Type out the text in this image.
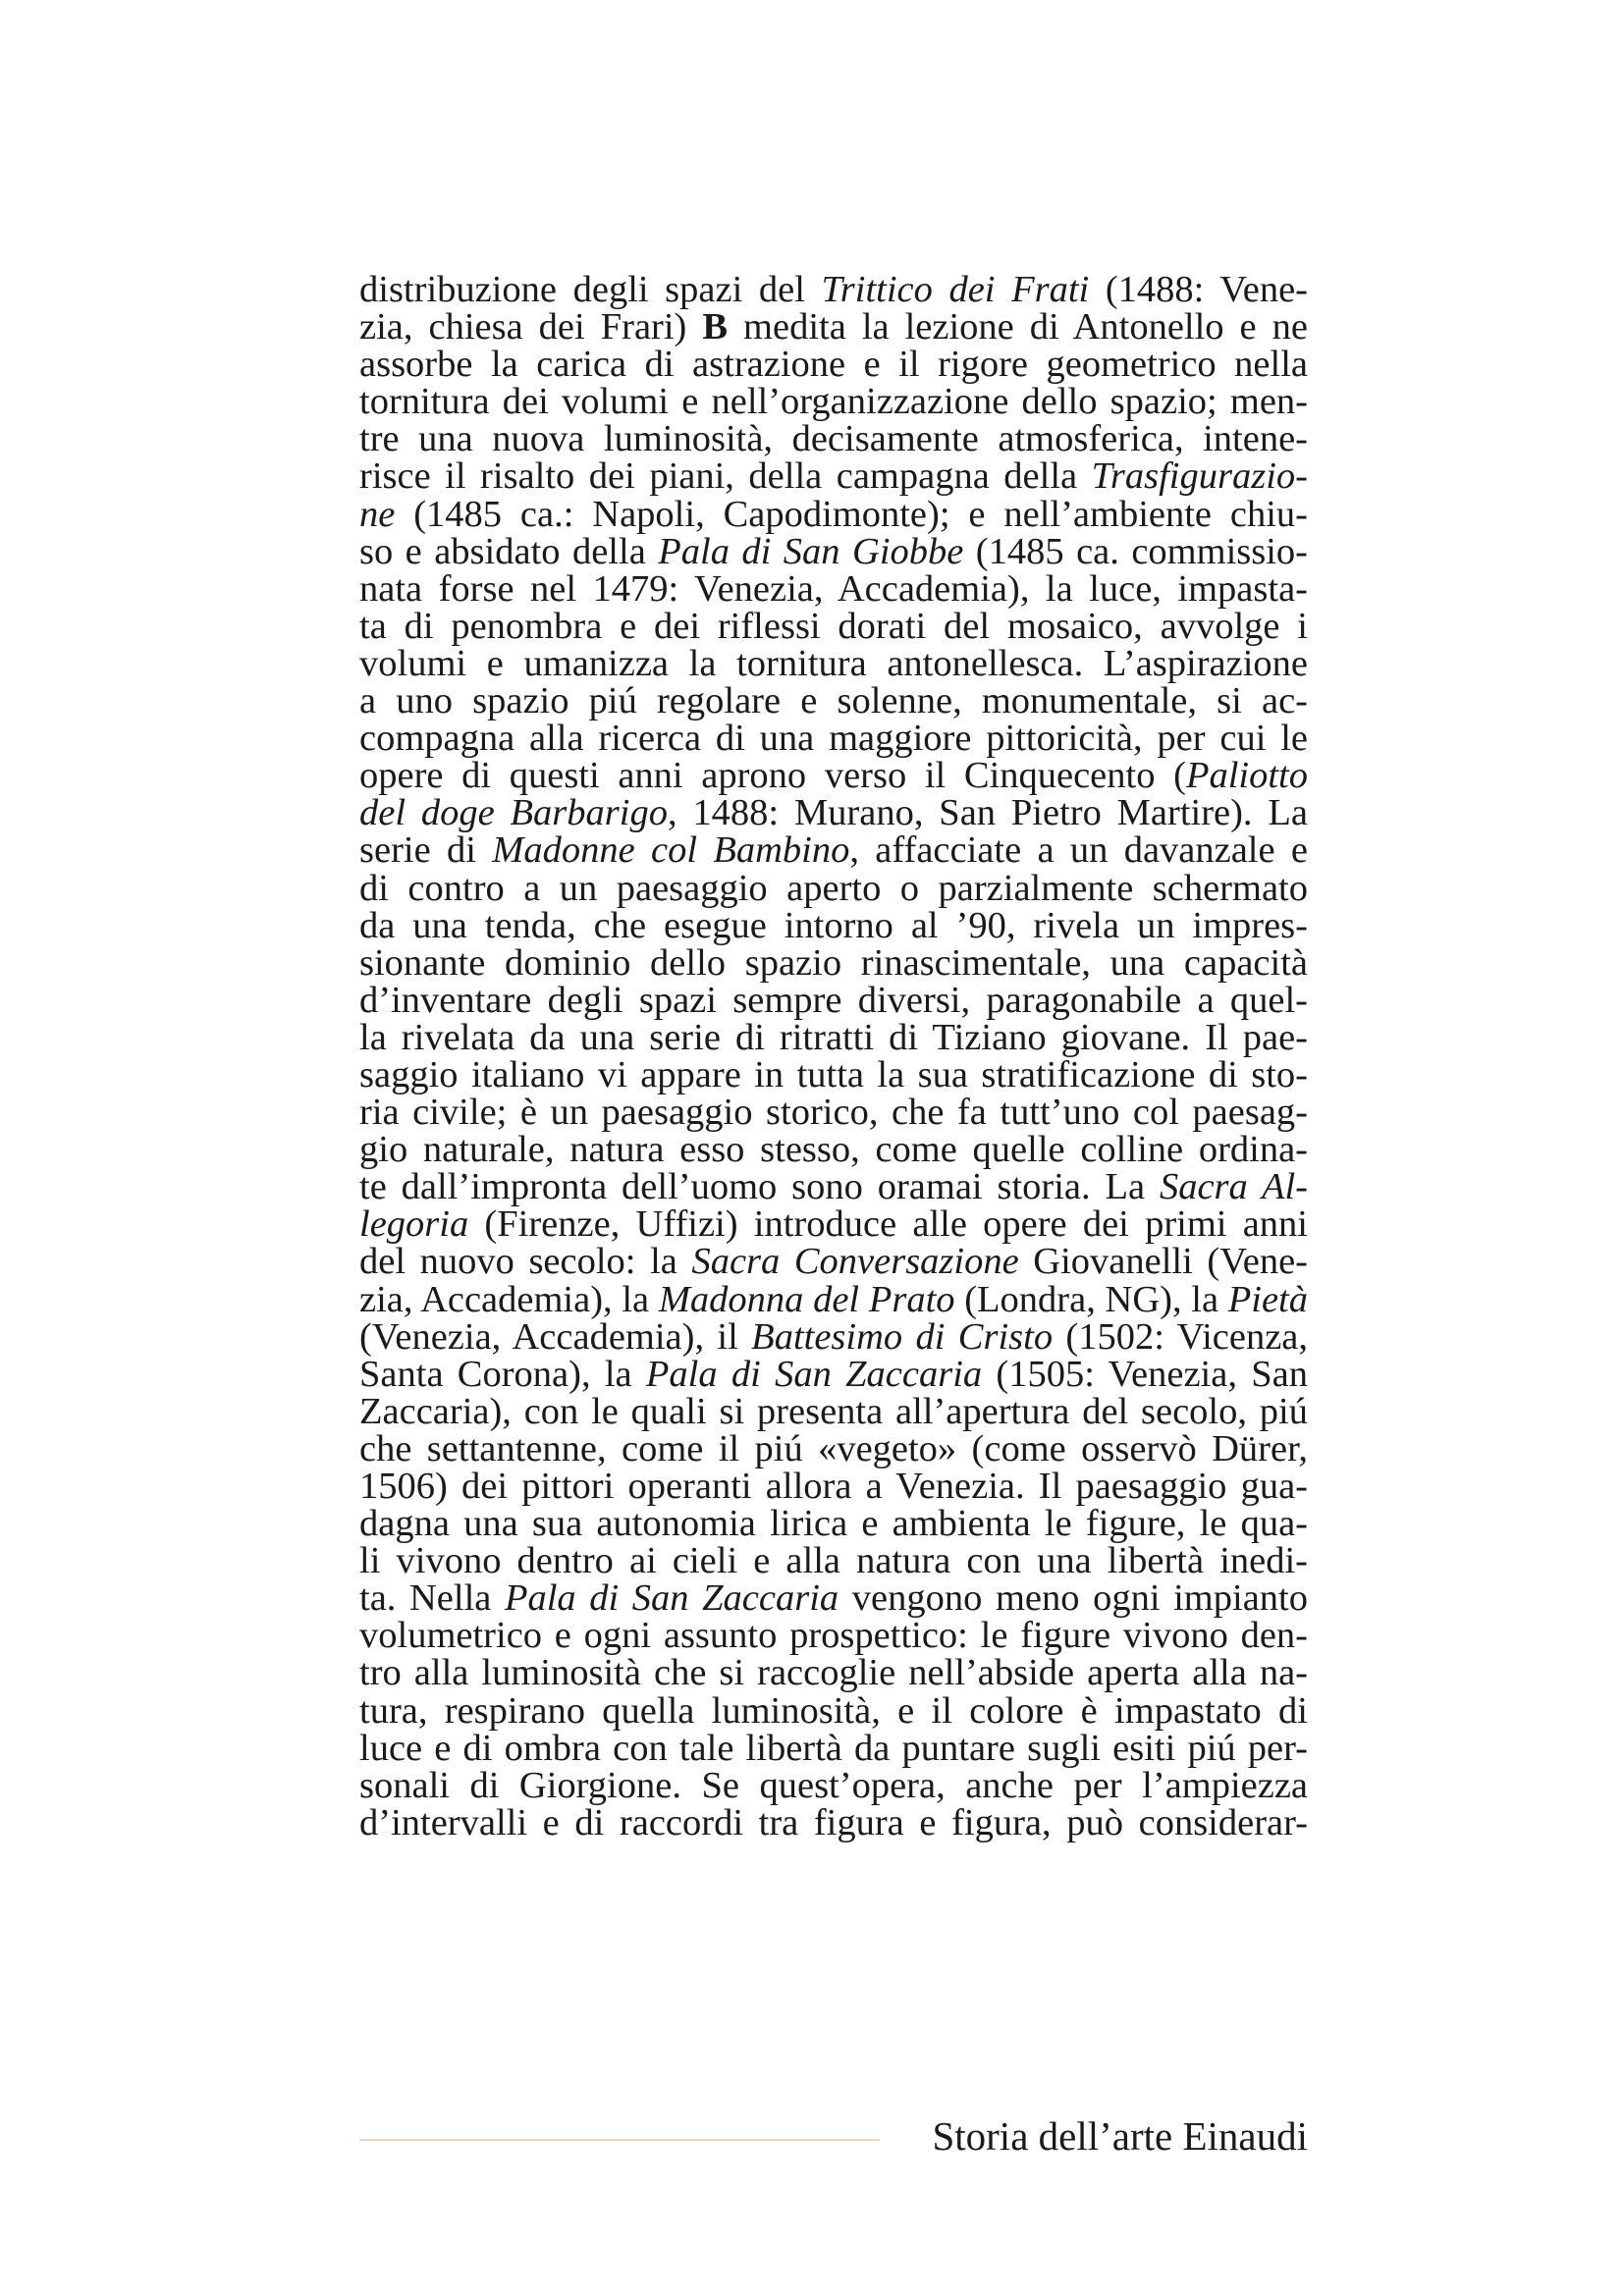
distribuzione degli spazi del Trittico dei Frati (1488: Vene-
zia, chiesa dei Frari) B medita la lezione di Antonello e ne
assorbe la carica di astrazione e il rigore geometrico nella
tornitura dei volumi e nell’organizzazione dello spazio; men-
tre una nuova luminosità, decisamente atmosferica, intene-
risce il risalto dei piani, della campagna della Trasfigurazio-
ne (1485 ca.: Napoli, Capodimonte); e nell’ambiente chiu-
so e absidato della Pala di San Giobbe (1485 ca. commissio-
nata forse nel 1479: Venezia, Accademia), la luce, impasta-
ta di penombra e dei riflessi dorati del mosaico, avvolge i
volumi e umanizza la tornitura antonellesca. L’aspirazione
a uno spazio piú regolare e solenne, monumentale, si ac-
compagna alla ricerca di una maggiore pittoricità, per cui le
opere di questi anni aprono verso il Cinquecento (Paliotto
del doge Barbarigo, 1488: Murano, San Pietro Martire). La
serie di Madonne col Bambino, affacciate a un davanzale e
di contro a un paesaggio aperto o parzialmente schermato
da una tenda, che esegue intorno al ’90, rivela un impres-
sionante dominio dello spazio rinascimentale, una capacità
d’inventare degli spazi sempre diversi, paragonabile a quel-
la rivelata da una serie di ritratti di Tiziano giovane. Il pae-
saggio italiano vi appare in tutta la sua stratificazione di sto-
ria civile; è un paesaggio storico, che fa tutt’uno col paesag-
gio naturale, natura esso stesso, come quelle colline ordina-
te dall’impronta dell’uomo sono oramai storia. La Sacra Al-
legoria (Firenze, Uffizi) introduce alle opere dei primi anni
del nuovo secolo: la Sacra Conversazione Giovanelli (Vene-
zia, Accademia), la Madonna del Prato (Londra, NG), la Pietà
(Venezia, Accademia), il Battesimo di Cristo (1502: Vicenza,
Santa Corona), la Pala di San Zaccaria (1505: Venezia, San
Zaccaria), con le quali si presenta all’apertura del secolo, piú
che settantenne, come il piú «vegeto» (come osservò Dürer,
1506) dei pittori operanti allora a Venezia. Il paesaggio gua-
dagna una sua autonomia lirica e ambienta le figure, le qua-
li vivono dentro ai cieli e alla natura con una libertà inedi-
ta. Nella Pala di San Zaccaria vengono meno ogni impianto
volumetrico e ogni assunto prospettico: le figure vivono den-
tro alla luminosità che si raccoglie nell’abside aperta alla na-
tura, respirano quella luminosità, e il colore è impastato di
luce e di ombra con tale libertà da puntare sugli esiti piú per-
sonali di Giorgione. Se quest’opera, anche per l’ampiezza
d’intervalli e di raccordi tra figura e figura, può considerar-
Storia dell’arte Einaudi
